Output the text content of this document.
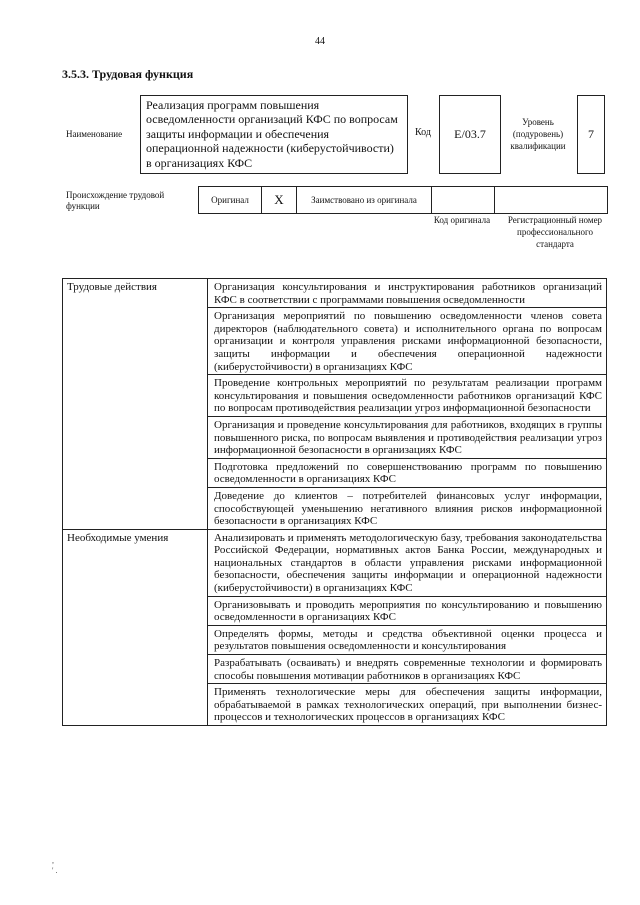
44
3.5.3. Трудовая функция
Наименование
Реализация программ повышения осведомленности организаций КФС по вопросам защиты информации и обеспечения операционной надежности (киберустойчивости) в организациях КФС
Код	E/03.7
Уровень (подуровень) квалификации
7
Происхождение трудовой функции
Оригинал	X	Заимствовано из оригинала		
Код оригинала	Регистрационный номер профессионального стандарта
Трудовые действия	Организация консультирования и инструктирования работников организаций КФС в соответствии с программами повышения осведомленности
	Организация мероприятий по повышению осведомленности членов совета директоров (наблюдательного совета) и исполнительного органа по вопросам организации и контроля управления рисками информационной безопасности, защиты информации и обеспечения операционной надежности (киберустойчивости) в организациях КФС
	Проведение контрольных мероприятий по результатам реализации программ консультирования и повышения осведомленности работников организаций КФС по вопросам противодействия реализации угроз информационной безопасности
	Организация и проведение консультирования для работников, входящих в группы повышенного риска, по вопросам выявления и противодействия реализации угроз информационной безопасности в организациях КФС
	Подготовка предложений по совершенствованию программ по повышению осведомленности в организациях КФС
	Доведение до клиентов – потребителей финансовых услуг информации, способствующей уменьшению негативного влияния рисков информационной безопасности в организациях КФС
Необходимые умения	Анализировать и применять методологическую базу, требования законодательства Российской Федерации, нормативных актов Банка России, международных и национальных стандартов в области управления рисками информационной безопасности, обеспечения защиты информации и операционной надежности (киберустойчивости) в организациях КФС
	Организовывать и проводить мероприятия по консультированию и повышению осведомленности в организациях КФС
	Определять формы, методы и средства объективной оценки процесса и результатов повышения осведомленности и консультирования
	Разрабатывать (осваивать) и внедрять современные технологии и формировать способы повышения мотивации работников в организациях КФС
	Применять технологические меры для обеспечения защиты информации, обрабатываемой в рамках технологических операций, при выполнении бизнес-процессов и технологических процессов в организациях КФС
,
' .
